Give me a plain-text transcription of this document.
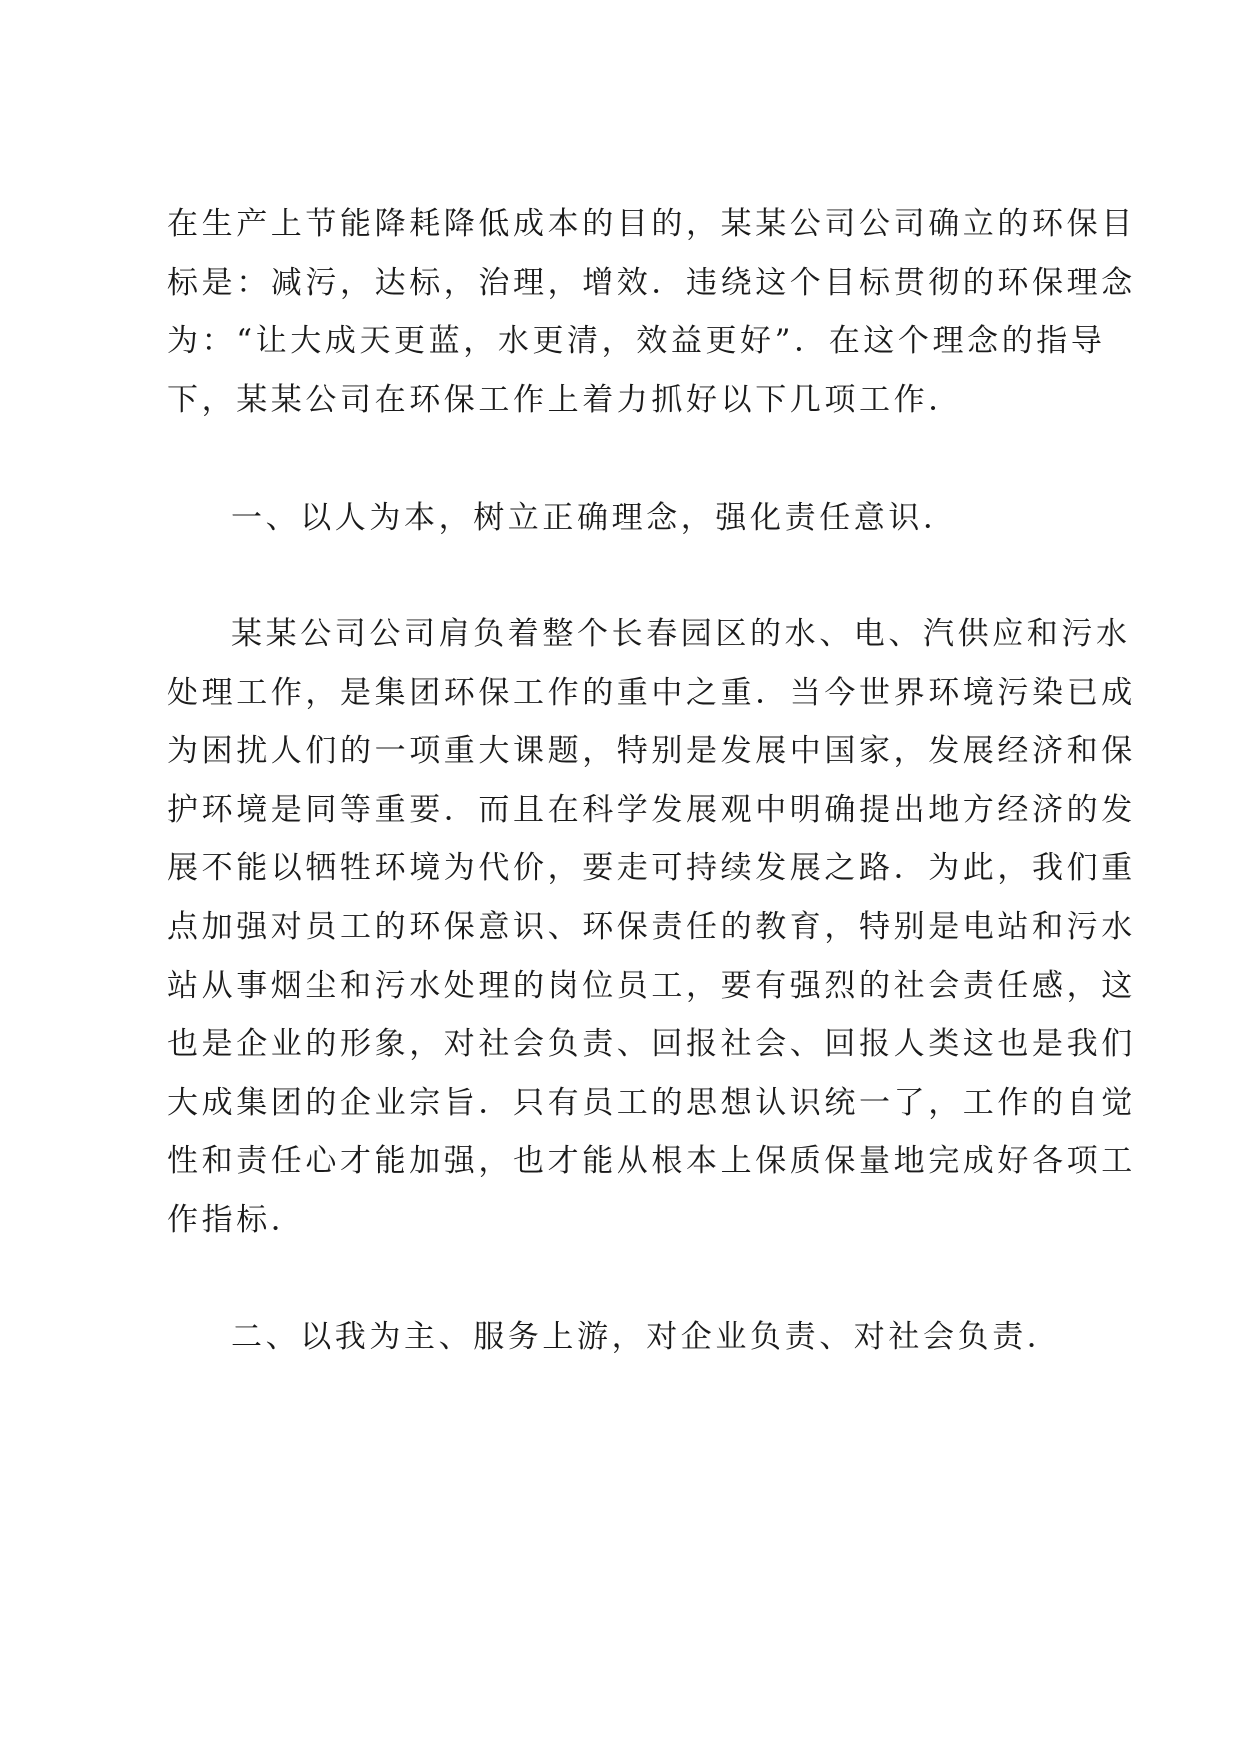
在生产上节能降耗降低成本的目的，某某公司公司确立的环保目
标是：减污，达标，治理，增效．违绕这个目标贯彻的环保理念
为：“让大成天更蓝，水更清，效益更好”．在这个理念的指导
下，某某公司在环保工作上着力抓好以下几项工作．
一、以人为本，树立正确理念，强化责任意识．
某某公司公司肩负着整个长春园区的水、电、汽供应和污水
处理工作，是集团环保工作的重中之重．当今世界环境污染已成
为困扰人们的一项重大课题，特别是发展中国家，发展经济和保
护环境是同等重要．而且在科学发展观中明确提出地方经济的发
展不能以牺牲环境为代价，要走可持续发展之路．为此，我们重
点加强对员工的环保意识、环保责任的教育，特别是电站和污水
站从事烟尘和污水处理的岗位员工，要有强烈的社会责任感，这
也是企业的形象，对社会负责、回报社会、回报人类这也是我们
大成集团的企业宗旨．只有员工的思想认识统一了，工作的自觉
性和责任心才能加强，也才能从根本上保质保量地完成好各项工
作指标．
二、以我为主、服务上游，对企业负责、对社会负责．
